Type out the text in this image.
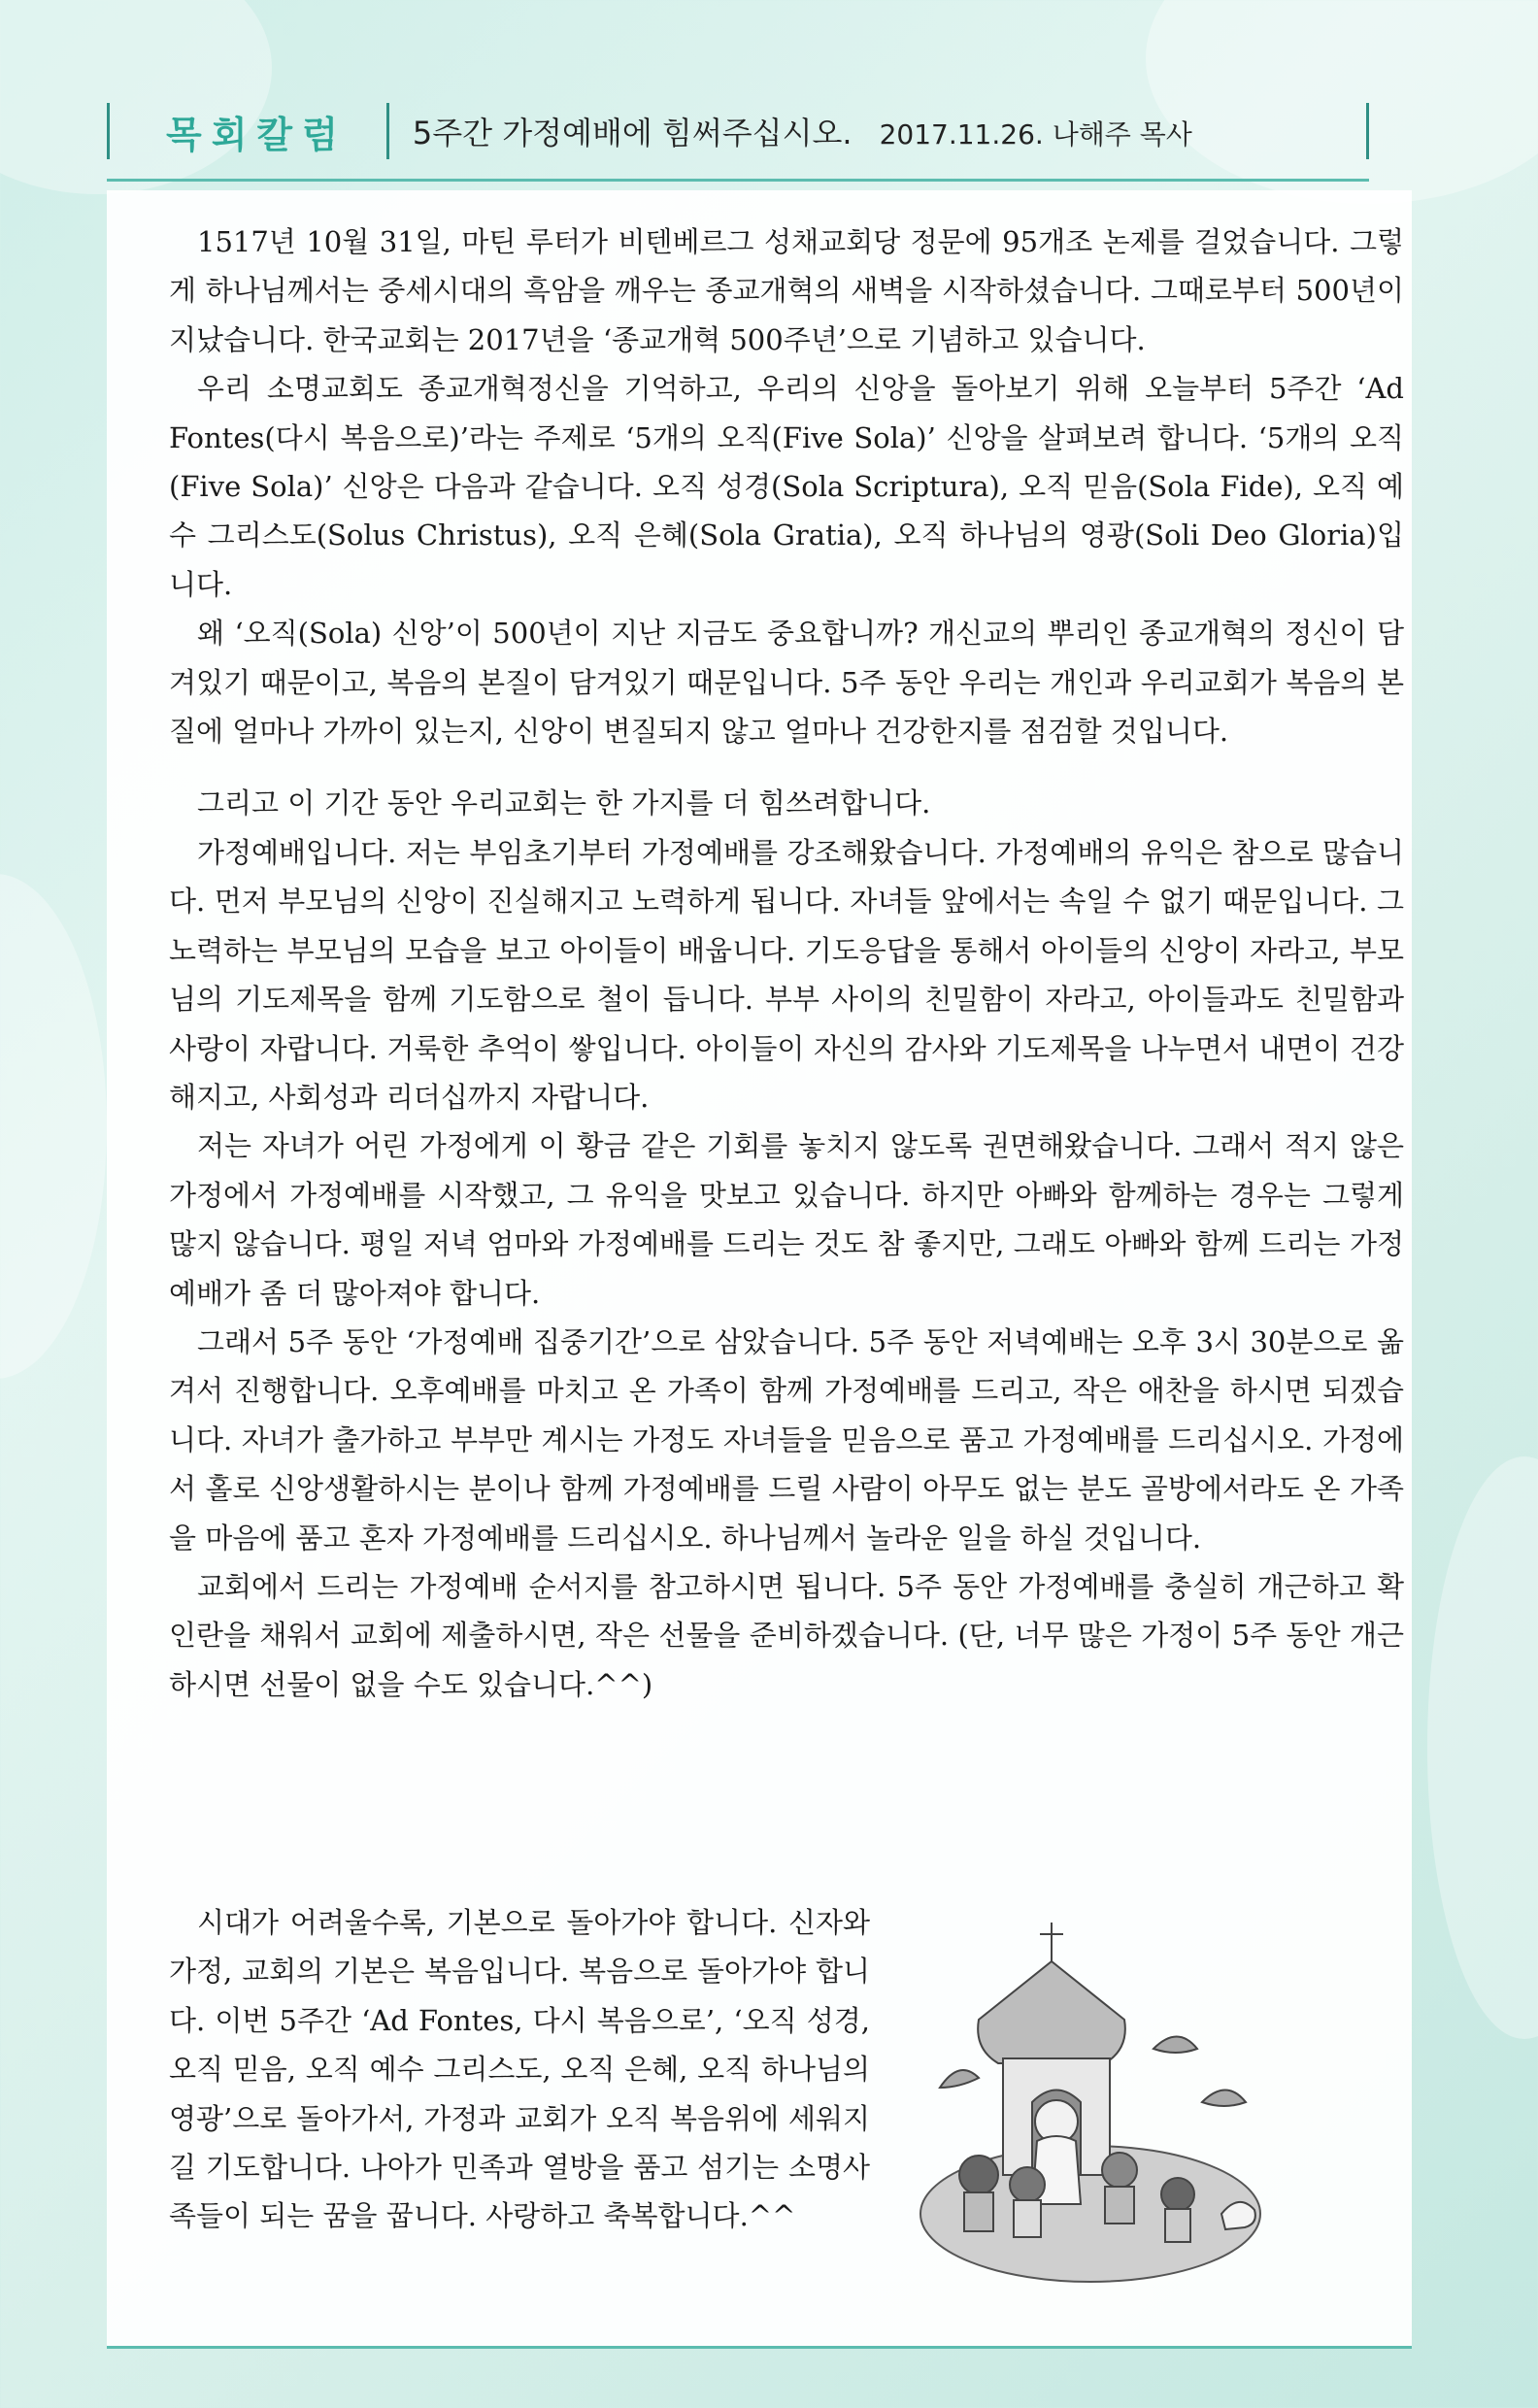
목회칼럼	5주간 가정예배에 힘써주십시오. 2017.11.26. 나해주 목사

1517년 10월 31일, 마틴 루터가 비텐베르그 성채교회당 정문에 95개조 논제를 걸었습니다. 그렇게 하나님께서는 중세시대의 흑암을 깨우는 종교개혁의 새벽을 시작하셨습니다. 그때로부터 500년이 지났습니다. 한국교회는 2017년을 ‘종교개혁 500주년’으로 기념하고 있습니다.

우리 소명교회도 종교개혁정신을 기억하고, 우리의 신앙을 돌아보기 위해 오늘부터 5주간 ‘Ad Fontes(다시 복음으로)’라는 주제로 ‘5개의 오직(Five Sola)’ 신앙을 살펴보려 합니다. ‘5개의 오직(Five Sola)’ 신앙은 다음과 같습니다. 오직 성경(Sola Scriptura), 오직 믿음(Sola Fide), 오직 예수 그리스도(Solus Christus), 오직 은혜(Sola Gratia), 오직 하나님의 영광(Soli Deo Gloria)입니다.

왜 ‘오직(Sola) 신앙’이 500년이 지난 지금도 중요합니까? 개신교의 뿌리인 종교개혁의 정신이 담겨있기 때문이고, 복음의 본질이 담겨있기 때문입니다. 5주 동안 우리는 개인과 우리교회가 복음의 본질에 얼마나 가까이 있는지, 신앙이 변질되지 않고 얼마나 건강한지를 점검할 것입니다.

그리고 이 기간 동안 우리교회는 한 가지를 더 힘쓰려합니다.

가정예배입니다. 저는 부임초기부터 가정예배를 강조해왔습니다. 가정예배의 유익은 참으로 많습니다. 먼저 부모님의 신앙이 진실해지고 노력하게 됩니다. 자녀들 앞에서는 속일 수 없기 때문입니다. 그 노력하는 부모님의 모습을 보고 아이들이 배웁니다. 기도응답을 통해서 아이들의 신앙이 자라고, 부모님의 기도제목을 함께 기도함으로 철이 듭니다. 부부 사이의 친밀함이 자라고, 아이들과도 친밀함과 사랑이 자랍니다. 거룩한 추억이 쌓입니다. 아이들이 자신의 감사와 기도제목을 나누면서 내면이 건강해지고, 사회성과 리더십까지 자랍니다.

저는 자녀가 어린 가정에게 이 황금 같은 기회를 놓치지 않도록 권면해왔습니다. 그래서 적지 않은 가정에서 가정예배를 시작했고, 그 유익을 맛보고 있습니다. 하지만 아빠와 함께하는 경우는 그렇게 많지 않습니다. 평일 저녁 엄마와 가정예배를 드리는 것도 참 좋지만, 그래도 아빠와 함께 드리는 가정예배가 좀 더 많아져야 합니다.

그래서 5주 동안 ‘가정예배 집중기간’으로 삼았습니다. 5주 동안 저녁예배는 오후 3시 30분으로 옮겨서 진행합니다. 오후예배를 마치고 온 가족이 함께 가정예배를 드리고, 작은 애찬을 하시면 되겠습니다. 자녀가 출가하고 부부만 계시는 가정도 자녀들을 믿음으로 품고 가정예배를 드리십시오. 가정에서 홀로 신앙생활하시는 분이나 함께 가정예배를 드릴 사람이 아무도 없는 분도 골방에서라도 온 가족을 마음에 품고 혼자 가정예배를 드리십시오. 하나님께서 놀라운 일을 하실 것입니다.

교회에서 드리는 가정예배 순서지를 참고하시면 됩니다. 5주 동안 가정예배를 충실히 개근하고 확인란을 채워서 교회에 제출하시면, 작은 선물을 준비하겠습니다. (단, 너무 많은 가정이 5주 동안 개근하시면 선물이 없을 수도 있습니다.^^)

시대가 어려울수록, 기본으로 돌아가야 합니다. 신자와 가정, 교회의 기본은 복음입니다. 복음으로 돌아가야 합니다. 이번 5주간 ‘Ad Fontes, 다시 복음으로’, ‘오직 성경, 오직 믿음, 오직 예수 그리스도, 오직 은혜, 오직 하나님의 영광’으로 돌아가서, 가정과 교회가 오직 복음위에 세워지길 기도합니다. 나아가 민족과 열방을 품고 섬기는 소명사족들이 되는 꿈을 꿉니다. 사랑하고 축복합니다.^^
